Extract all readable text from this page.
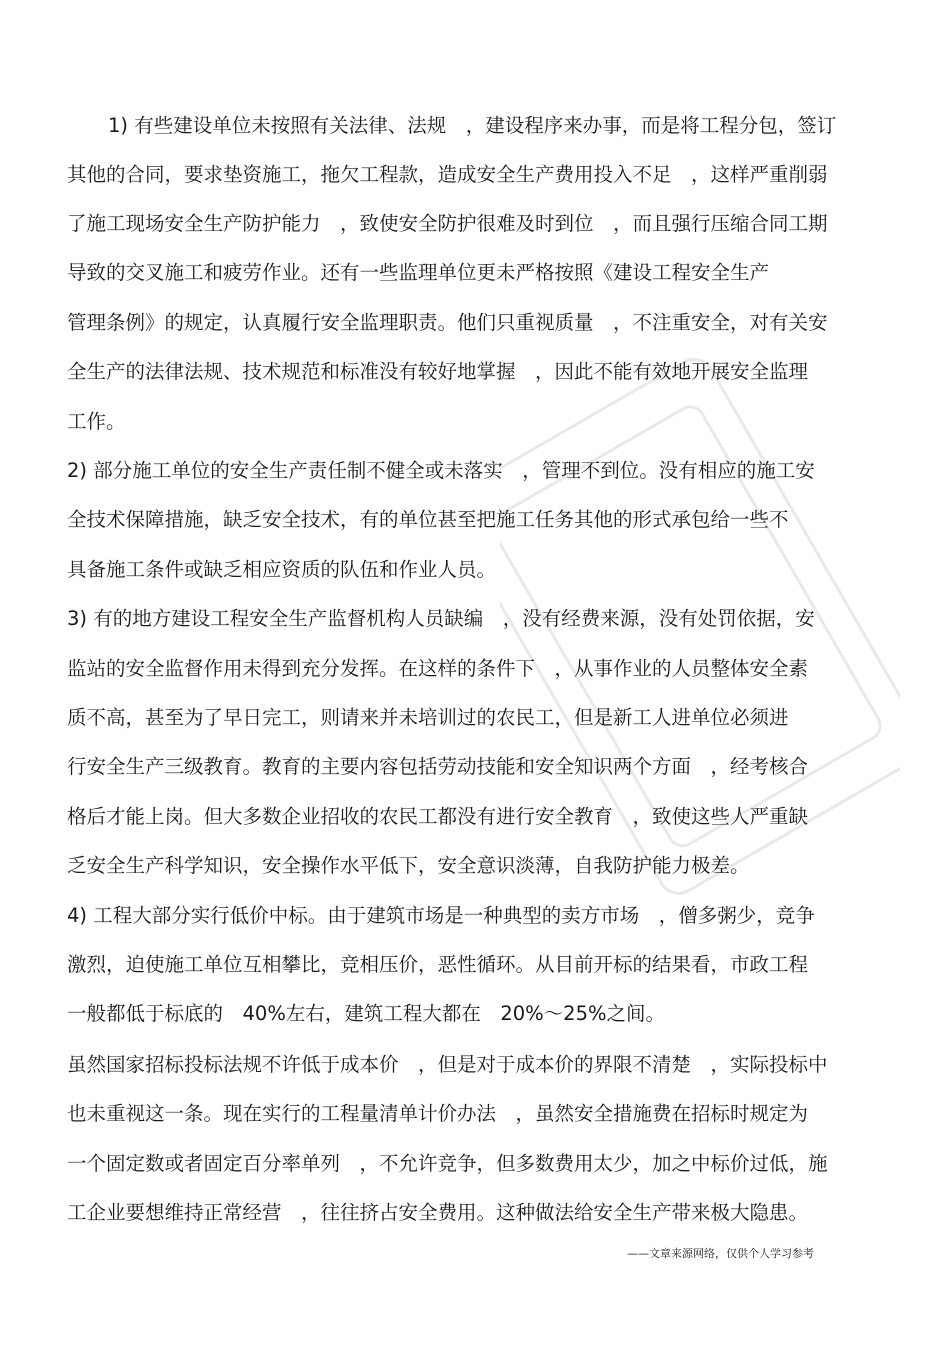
1) 有些建设单位未按照有关法律、法规　，建设程序来办事，而是将工程分包，签订
其他的合同，要求垫资施工，拖欠工程款，造成安全生产费用投入不足　，这样严重削弱
了施工现场安全生产防护能力　，致使安全防护很难及时到位　，而且强行压缩合同工期
导致的交叉施工和疲劳作业。还有一些监理单位更未严格按照《建设工程安全生产
管理条例》的规定，认真履行安全监理职责。他们只重视质量　，不注重安全，对有关安
全生产的法律法规、技术规范和标准没有较好地掌握　，因此不能有效地开展安全监理
工作。
2) 部分施工单位的安全生产责任制不健全或未落实　，管理不到位。没有相应的施工安
全技术保障措施，缺乏安全技术，有的单位甚至把施工任务其他的形式承包给一些不
具备施工条件或缺乏相应资质的队伍和作业人员。
3) 有的地方建设工程安全生产监督机构人员缺编　，没有经费来源，没有处罚依据，安
监站的安全监督作用未得到充分发挥。在这样的条件下　，从事作业的人员整体安全素
质不高，甚至为了早日完工，则请来并未培训过的农民工，但是新工人进单位必须进
行安全生产三级教育。教育的主要内容包括劳动技能和安全知识两个方面　，经考核合
格后才能上岗。但大多数企业招收的农民工都没有进行安全教育　，致使这些人严重缺
乏安全生产科学知识，安全操作水平低下，安全意识淡薄，自我防护能力极差。
4) 工程大部分实行低价中标。由于建筑市场是一种典型的卖方市场　，僧多粥少，竞争
激烈，迫使施工单位互相攀比，竞相压价，恶性循环。从目前开标的结果看，市政工程
一般都低于标底的　40%左右，建筑工程大都在　20%～25%之间。
虽然国家招标投标法规不许低于成本价　，但是对于成本价的界限不清楚　，实际投标中
也未重视这一条。现在实行的工程量清单计价办法　，虽然安全措施费在招标时规定为
一个固定数或者固定百分率单列　，不允许竞争，但多数费用太少，加之中标价过低，施
工企业要想维持正常经营　，往往挤占安全费用。这种做法给安全生产带来极大隐患。
——文章来源网络，仅供个人学习参考
